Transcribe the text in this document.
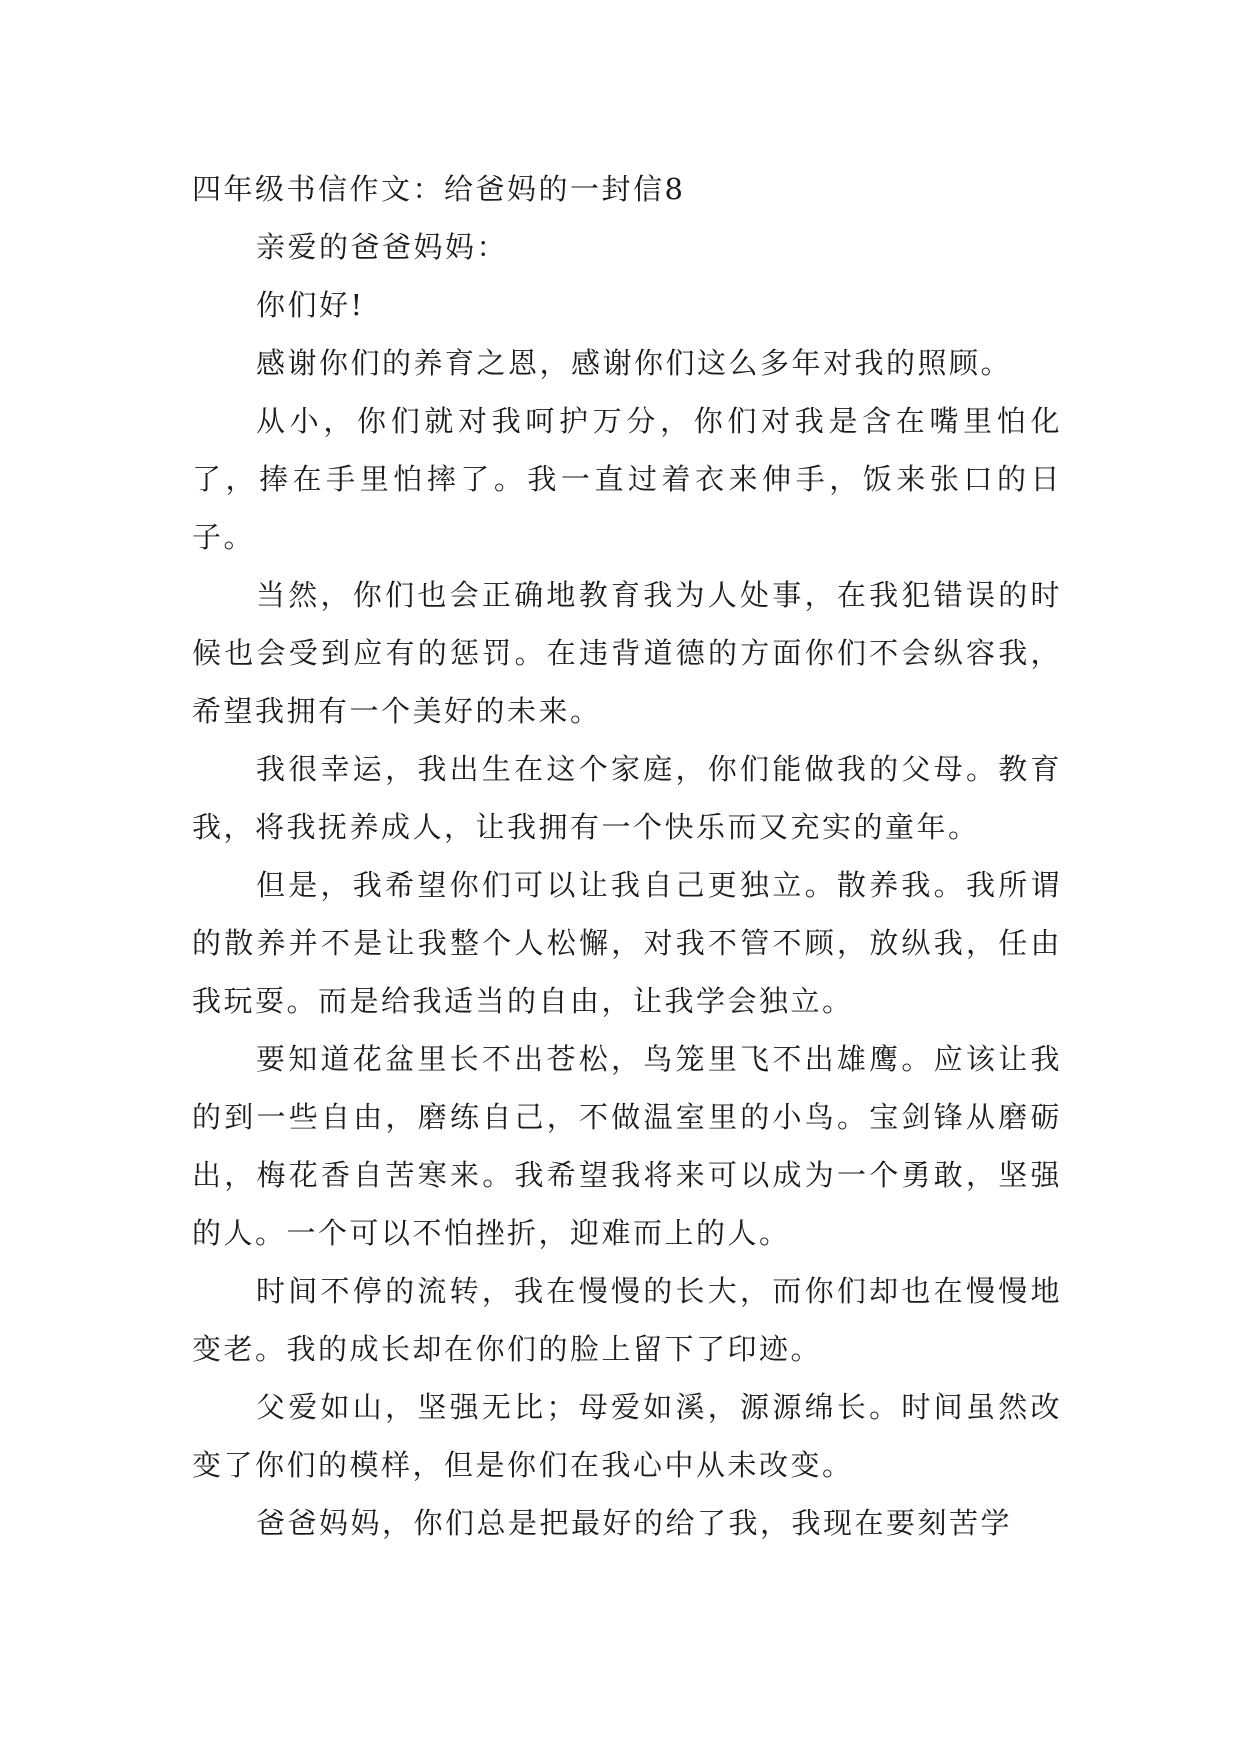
四年级书信作文：给爸妈的一封信8

亲爱的爸爸妈妈：

你们好!

感谢你们的养育之恩，感谢你们这么多年对我的照顾。

从小，你们就对我呵护万分，你们对我是含在嘴里怕化了，捧在手里怕摔了。我一直过着衣来伸手，饭来张口的日子。

当然，你们也会正确地教育我为人处事，在我犯错误的时候也会受到应有的惩罚。在违背道德的方面你们不会纵容我，希望我拥有一个美好的未来。

我很幸运，我出生在这个家庭，你们能做我的父母。教育我，将我抚养成人，让我拥有一个快乐而又充实的童年。

但是，我希望你们可以让我自己更独立。散养我。我所谓的散养并不是让我整个人松懈，对我不管不顾，放纵我，任由我玩耍。而是给我适当的自由，让我学会独立。

要知道花盆里长不出苍松，鸟笼里飞不出雄鹰。应该让我的到一些自由，磨练自己，不做温室里的小鸟。宝剑锋从磨砺出，梅花香自苦寒来。我希望我将来可以成为一个勇敢，坚强的人。一个可以不怕挫折，迎难而上的人。

时间不停的流转，我在慢慢的长大，而你们却也在慢慢地变老。我的成长却在你们的脸上留下了印迹。

父爱如山，坚强无比；母爱如溪，源源绵长。时间虽然改变了你们的模样，但是你们在我心中从未改变。

爸爸妈妈，你们总是把最好的给了我，我现在要刻苦学
